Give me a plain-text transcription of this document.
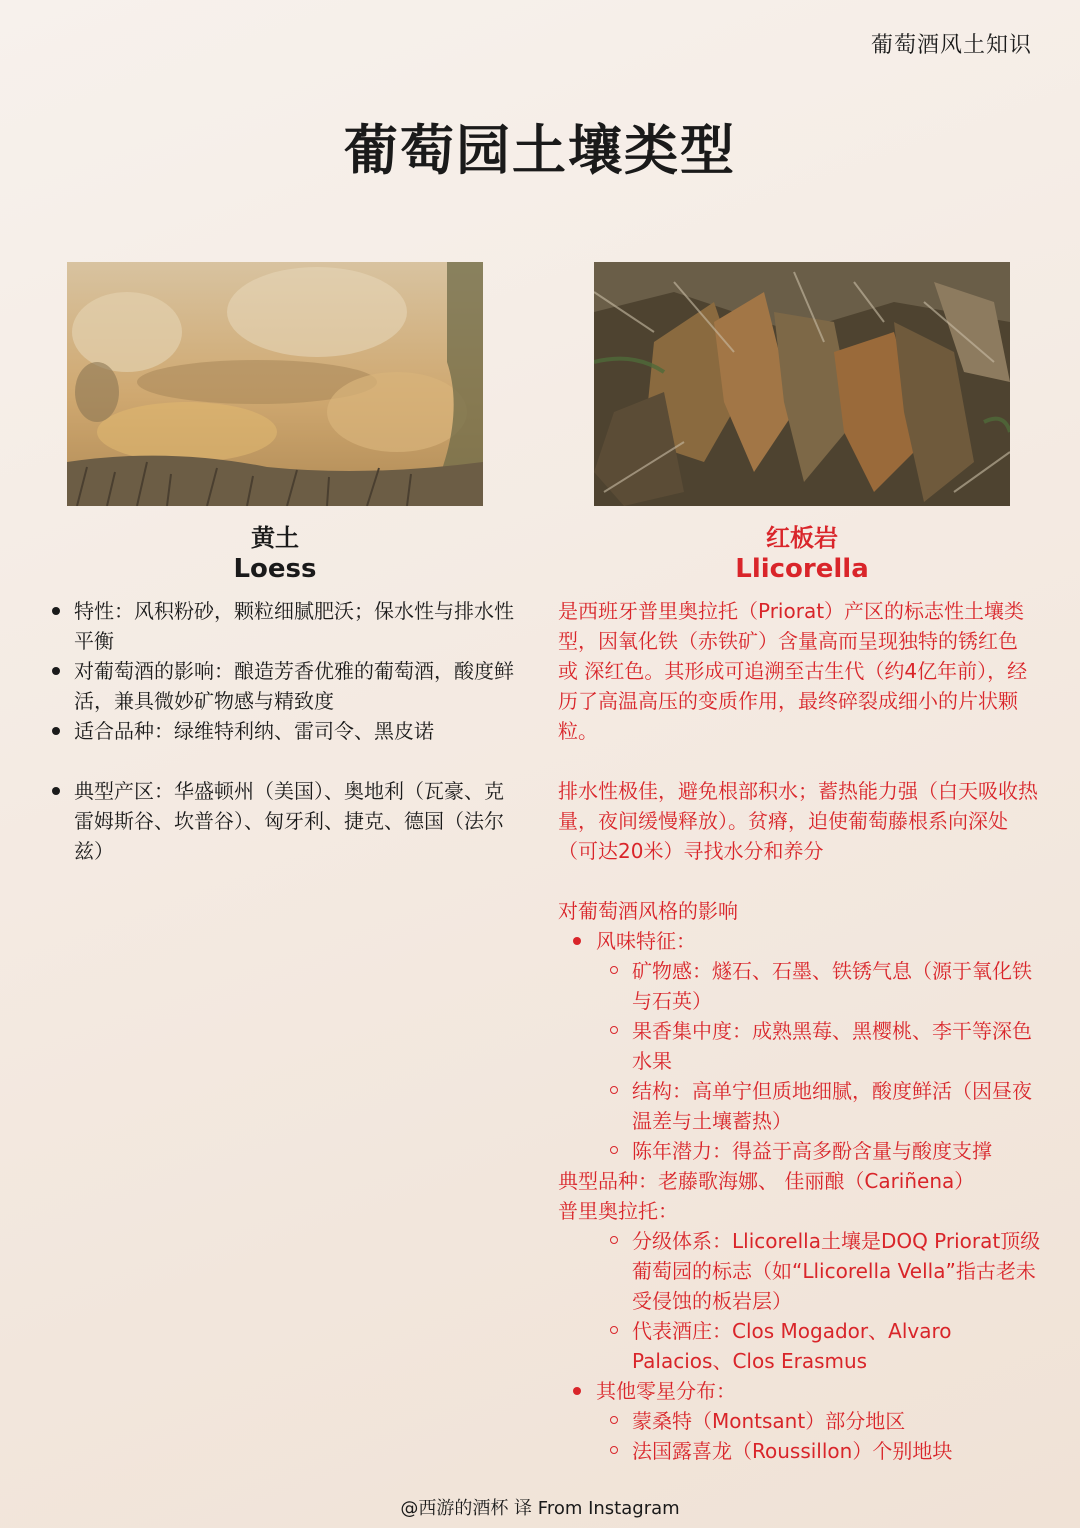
葡萄酒风土知识
葡萄园土壤类型
黄土
Loess
红板岩
Llicorella
特性：风积粉砂，颗粒细腻肥沃；保水性与排水性平衡
对葡萄酒的影响：酿造芳香优雅的葡萄酒，酸度鲜活，兼具微妙矿物感与精致度
适合品种：绿维特利纳、雷司令、黑皮诺
典型产区：华盛顿州（美国）、奥地利（瓦豪、克雷姆斯谷、坎普谷）、匈牙利、捷克、德国（法尔兹）

是西班牙普里奥拉托（Priorat）产区的标志性土壤类型，因氧化铁（赤铁矿）含量高而呈现独特的锈红色 或 深红色。其形成可追溯至古生代（约4亿年前），经历了高温高压的变质作用，最终碎裂成细小的片状颗粒。

排水性极佳，避免根部积水；蓄热能力强（白天吸收热量，夜间缓慢释放）。贫瘠，迫使葡萄藤根系向深处（可达20米）寻找水分和养分

对葡萄酒风格的影响

风味特征：
矿物感：燧石、石墨、铁锈气息（源于氧化铁与石英）
果香集中度：成熟黑莓、黑樱桃、李干等深色水果
结构：高单宁但质地细腻，酸度鲜活（因昼夜温差与土壤蓄热）
陈年潜力：得益于高多酚含量与酸度支撑

典型品种：老藤歌海娜、 佳丽酿（Cariñena）

普里奥拉托：

分级体系：Llicorella土壤是DOQ Priorat顶级葡萄园的标志（如“Llicorella Vella”指古老未受侵蚀的板岩层）
代表酒庄：Clos Mogador、Alvaro Palacios、Clos Erasmus
其他零星分布：
蒙桑特（Montsant）部分地区
法国露喜龙（Roussillon）个别地块
@西游的酒杯 译 From Instagram
